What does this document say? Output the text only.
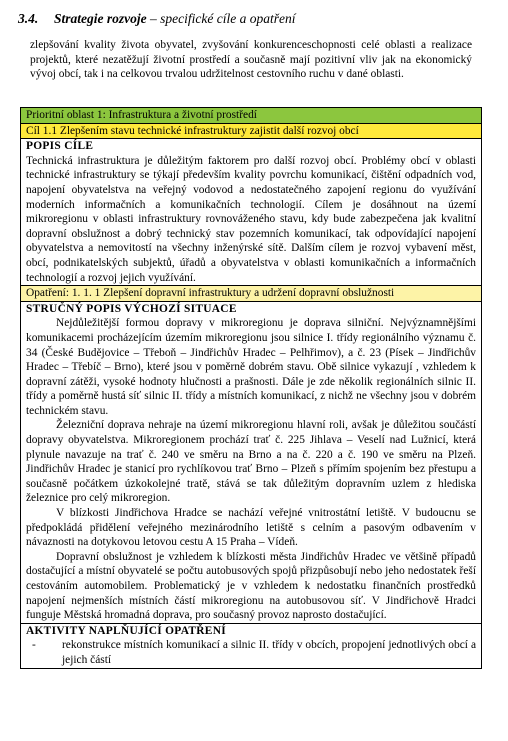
3.4. Strategie rozvoje – specifické cíle a opatření
zlepšování kvality života obyvatel, zvyšování konkurenceschopnosti celé oblasti a realizace projektů, které nezatěžují životní prostředí a současně mají pozitivní vliv jak na ekonomický vývoj obcí, tak i na celkovou trvalou udržitelnost cestovního ruchu v dané oblasti.
Prioritní oblast 1: Infrastruktura a životní prostředí
Cíl 1.1 Zlepšením stavu technické infrastruktury zajistit další rozvoj obcí
POPIS CÍLE
Technická infrastruktura je důležitým faktorem pro další rozvoj obcí. Problémy obcí v oblasti technické infrastruktury se týkají především kvality povrchu komunikací, čištění odpadních vod, napojení obyvatelstva na veřejný vodovod a nedostatečného zapojení regionu do využívání moderních informačních a komunikačních technologií. Cílem je dosáhnout na území mikroregionu v oblasti infrastruktury rovnováženého stavu, kdy bude zabezpečena jak kvalitní dopravní obslužnost a dobrý technický stav pozemních komunikací, tak odpovídající napojení obyvatelstva a nemovitostí na všechny inženýrské sítě. Dalším cílem je rozvoj vybavení měst, obcí, podnikatelských subjektů, úřadů a obyvatelstva v oblasti komunikačních a informačních technologií a rozvoj jejich využívání.
Opatření: 1. 1. 1 Zlepšení dopravní infrastruktury a udržení dopravní obslužnosti
STRUČNÝ POPIS VÝCHOZÍ SITUACE
Nejdůležitější formou dopravy v mikroregionu je doprava silniční. Nejvýznamnějšími komunikacemi procházejícím územím mikroregionu jsou silnice I. třídy regionálního významu č. 34 (České Budějovice – Třeboň – Jindřichův Hradec – Pelhřimov), a č. 23 (Písek – Jindřichův Hradec – Třebíč – Brno), které jsou v poměrně dobrém stavu. Obě silnice vykazují , vzhledem k dopravní zátěži, vysoké hodnoty hlučnosti a prašnosti. Dále je zde několik regionálních silnic II. třídy a poměrně hustá síť silnic II. třídy a místních komunikací, z nichž ne všechny jsou v dobrém technickém stavu.
Železniční doprava nehraje na území mikroregionu hlavní roli, avšak je důležitou součástí dopravy obyvatelstva. Mikroregionem prochází trať č. 225 Jihlava – Veselí nad Lužnicí, která plynule navazuje na trať č. 240 ve směru na Brno a na č. 220 a č. 190 ve směru na Plzeň. Jindřichův Hradec je stanicí pro rychlíkovou trať Brno – Plzeň s přímím spojením bez přestupu a současně počátkem úzkokolejné tratě, stává se tak důležitým dopravním uzlem z hlediska železnice pro celý mikroregion.
V blízkosti Jindřichova Hradce se nachází veřejné vnitrostátní letiště. V budoucnu se předpokládá přidělení veřejného mezinárodního letiště s celním a pasovým odbavením v návaznosti na dotykovou letovou cestu A 15 Praha – Vídeň.
Dopravní obslužnost je vzhledem k blízkosti města Jindřichův Hradec ve většině případů dostačující a místní obyvatelé se počtu autobusových spojů přizpůsobují nebo jeho nedostatek řeší cestováním automobilem. Problematický je v vzhledem k nedostatku finančních prostředků napojení nejmenších místních částí mikroregionu na autobusovou síť. V Jindřichově Hradci funguje Městská hromadná doprava, pro současný provoz naprosto dostačující.
AKTIVITY NAPLŇUJÍCÍ OPATŘENÍ
-	rekonstrukce místních komunikací a silnic II. třídy v obcích, propojení jednotlivých obcí a jejich částí
